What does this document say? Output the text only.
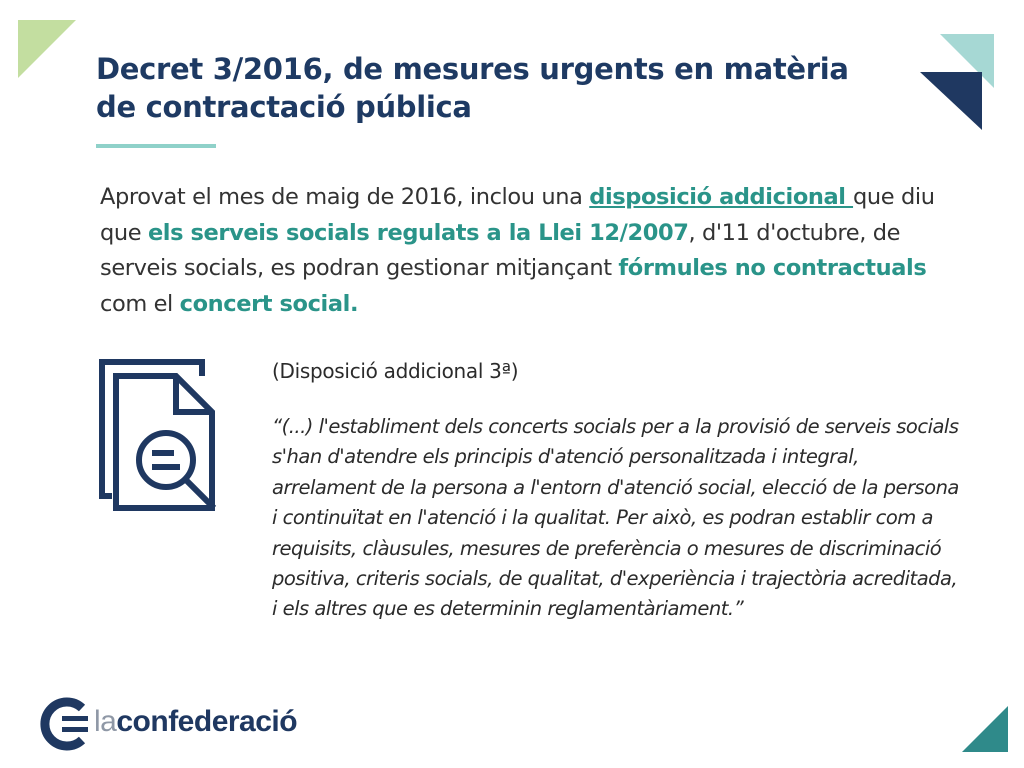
Decret 3/2016, de mesures urgents en matèria de contractació pública

Aprovat el mes de maig de 2016, inclou una disposició addicional que diu que els serveis socials regulats a la Llei 12/2007, d'11 d'octubre, de serveis socials, es podran gestionar mitjançant fórmules no contractuals com el concert social.

(Disposició addicional 3ª)

“(...) l'establiment dels concerts socials per a la provisió de serveis socials s'han d'atendre els principis d'atenció personalitzada i integral, arrelament de la persona a l'entorn d'atenció social, elecció de la persona i continuïtat en l'atenció i la qualitat. Per això, es podran establir com a requisits, clàusules, mesures de preferència o mesures de discriminació positiva, criteris socials, de qualitat, d'experiència i trajectòria acreditada, i els altres que es determinin reglamentàriament.”

laconfederació
